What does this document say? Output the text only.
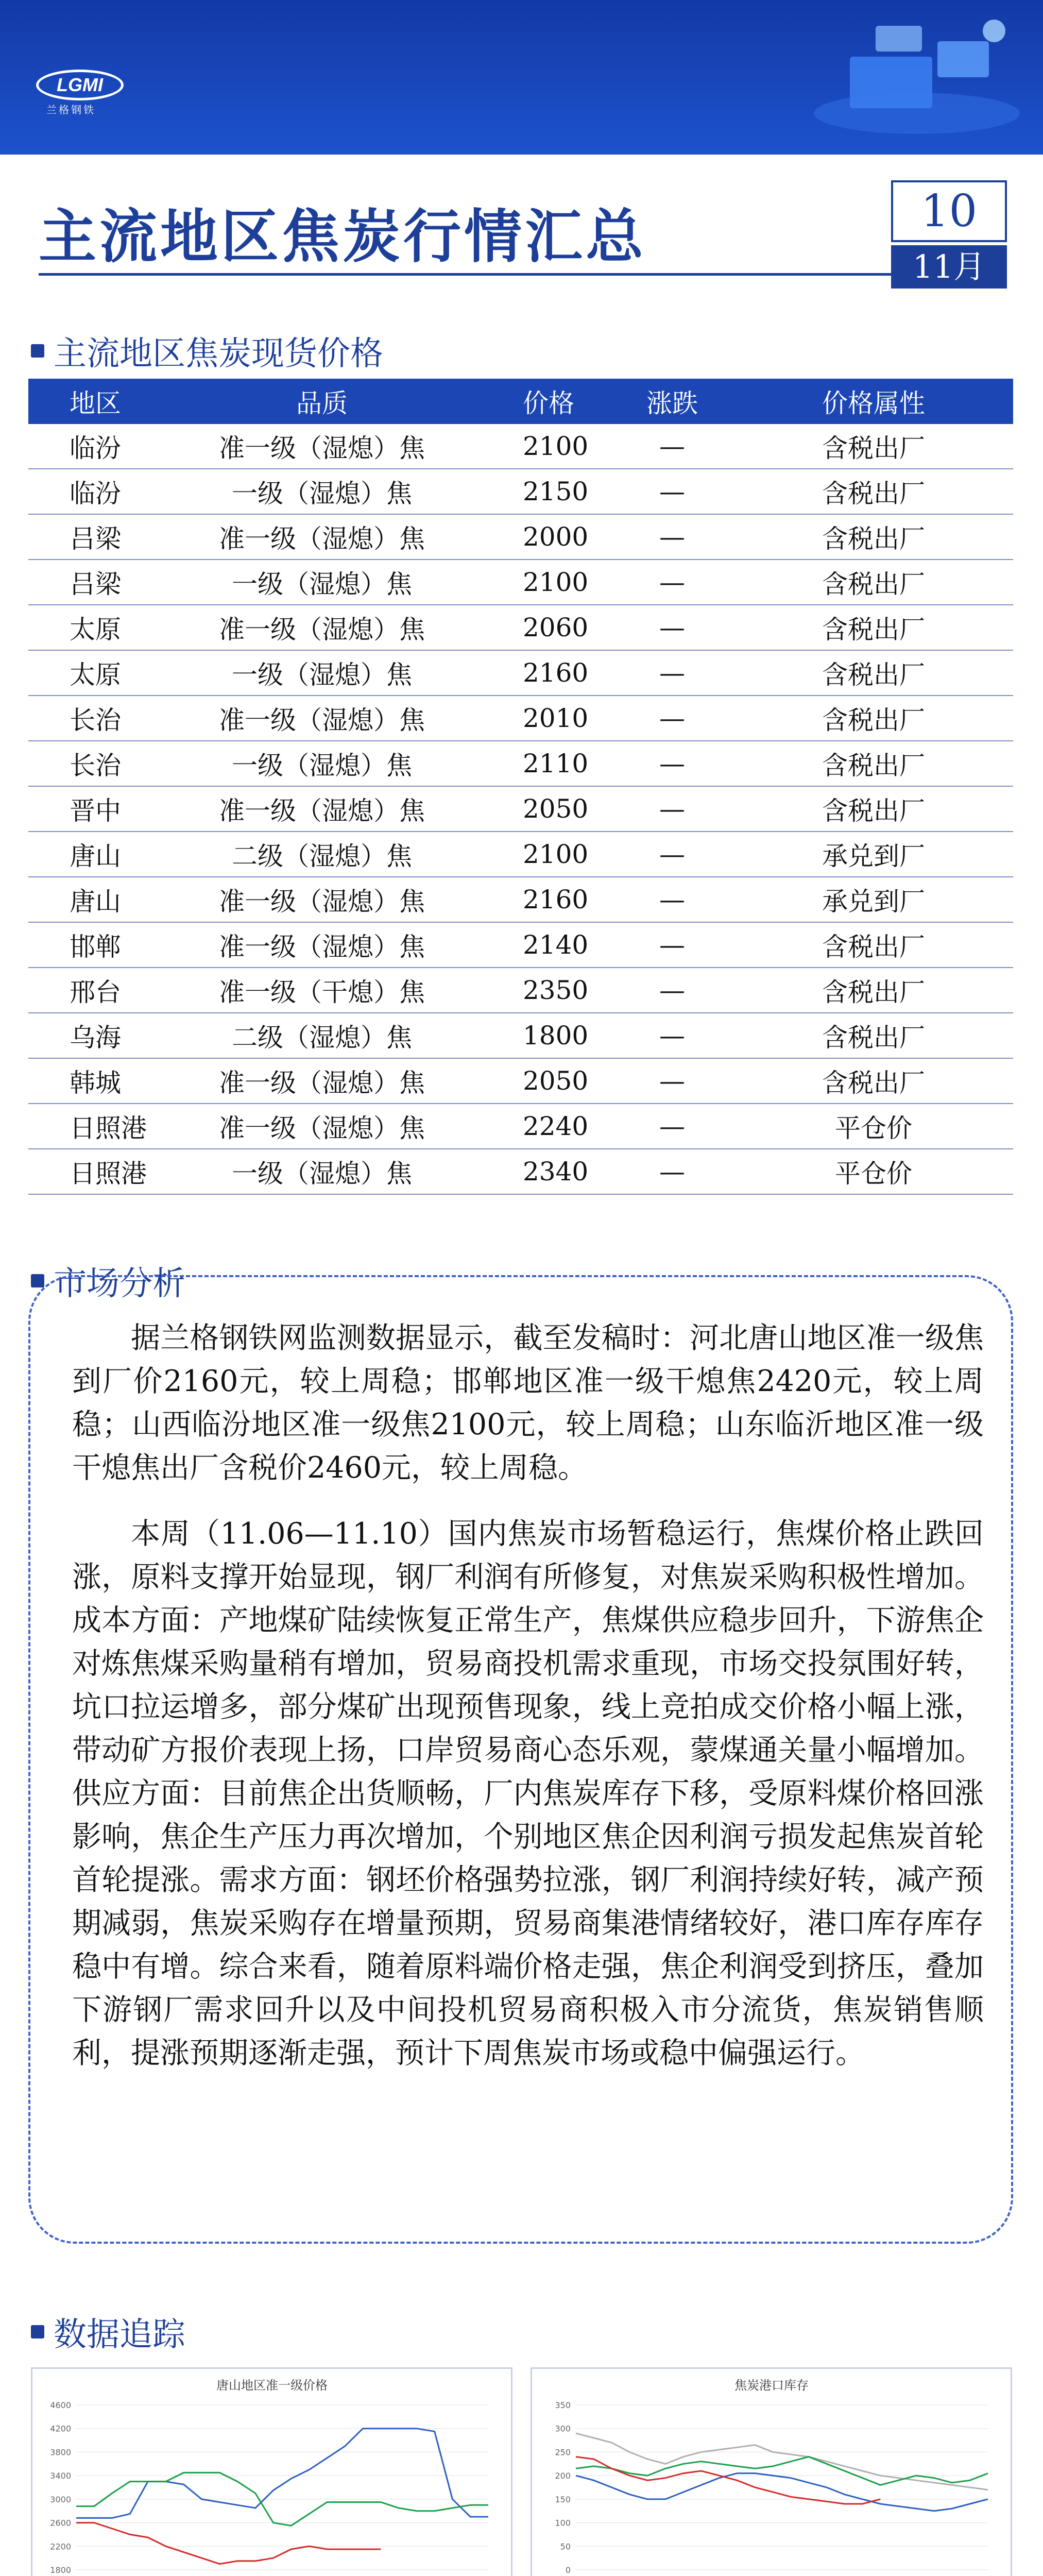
LGMI
兰格钢铁
主流地区焦炭行情汇总	10
11月
主流地区焦炭现货价格
地区	品质	价格	涨跌	价格属性
临汾	准一级（湿熄）焦	2100	—	含税出厂
临汾	一级（湿熄）焦	2150	—	含税出厂
吕梁	准一级（湿熄）焦	2000	—	含税出厂
吕梁	一级（湿熄）焦	2100	—	含税出厂
太原	准一级（湿熄）焦	2060	—	含税出厂
太原	一级（湿熄）焦	2160	—	含税出厂
长治	准一级（湿熄）焦	2010	—	含税出厂
长治	一级（湿熄）焦	2110	—	含税出厂
晋中	准一级（湿熄）焦	2050	—	含税出厂
唐山	二级（湿熄）焦	2100	—	承兑到厂
唐山	准一级（湿熄）焦	2160	—	承兑到厂
邯郸	准一级（湿熄）焦	2140	—	含税出厂
邢台	准一级（干熄）焦	2350	—	含税出厂
乌海	二级（湿熄）焦	1800	—	含税出厂
韩城	准一级（湿熄）焦	2050	—	含税出厂
日照港	准一级（湿熄）焦	2240	—	平仓价
日照港	一级（湿熄）焦	2340	—	平仓价
市场分析
据兰格钢铁网监测数据显示，截至发稿时：河北唐山地区准一级焦到厂价2160元，较上周稳；邯郸地区准一级干熄焦2420元，较上周稳；山西临汾地区准一级焦2100元，较上周稳；山东临沂地区准一级干熄焦出厂含税价2460元，较上周稳。
本周（11.06—11.10）国内焦炭市场暂稳运行，焦煤价格止跌回涨，原料支撑开始显现，钢厂利润有所修复，对焦炭采购积极性增加。成本方面：产地煤矿陆续恢复正常生产，焦煤供应稳步回升，下游焦企对炼焦煤采购量稍有增加，贸易商投机需求重现，市场交投氛围好转，坑口拉运增多，部分煤矿出现预售现象，线上竞拍成交价格小幅上涨，带动矿方报价表现上扬，口岸贸易商心态乐观，蒙煤通关量小幅增加。供应方面：目前焦企出货顺畅，厂内焦炭库存下移，受原料煤价格回涨影响，焦企生产压力再次增加，个别地区焦企因利润亏损发起焦炭首轮首轮提涨。需求方面：钢坯价格强势拉涨，钢厂利润持续好转，减产预期减弱，焦炭采购存在增量预期，贸易商集港情绪较好，港口库存库存稳中有增。综合来看，随着原料端价格走强，焦企利润受到挤压，叠加下游钢厂需求回升以及中间投机贸易商积极入市分流货，焦炭销售顺利，提涨预期逐渐走强，预计下周焦炭市场或稳中偏强运行。
数据追踪
唐山地区准一级价格
4600
4200
3800
3400
3000
2600
2200
1800
焦炭港口库存
350
300
250
200
150
100
50
0
